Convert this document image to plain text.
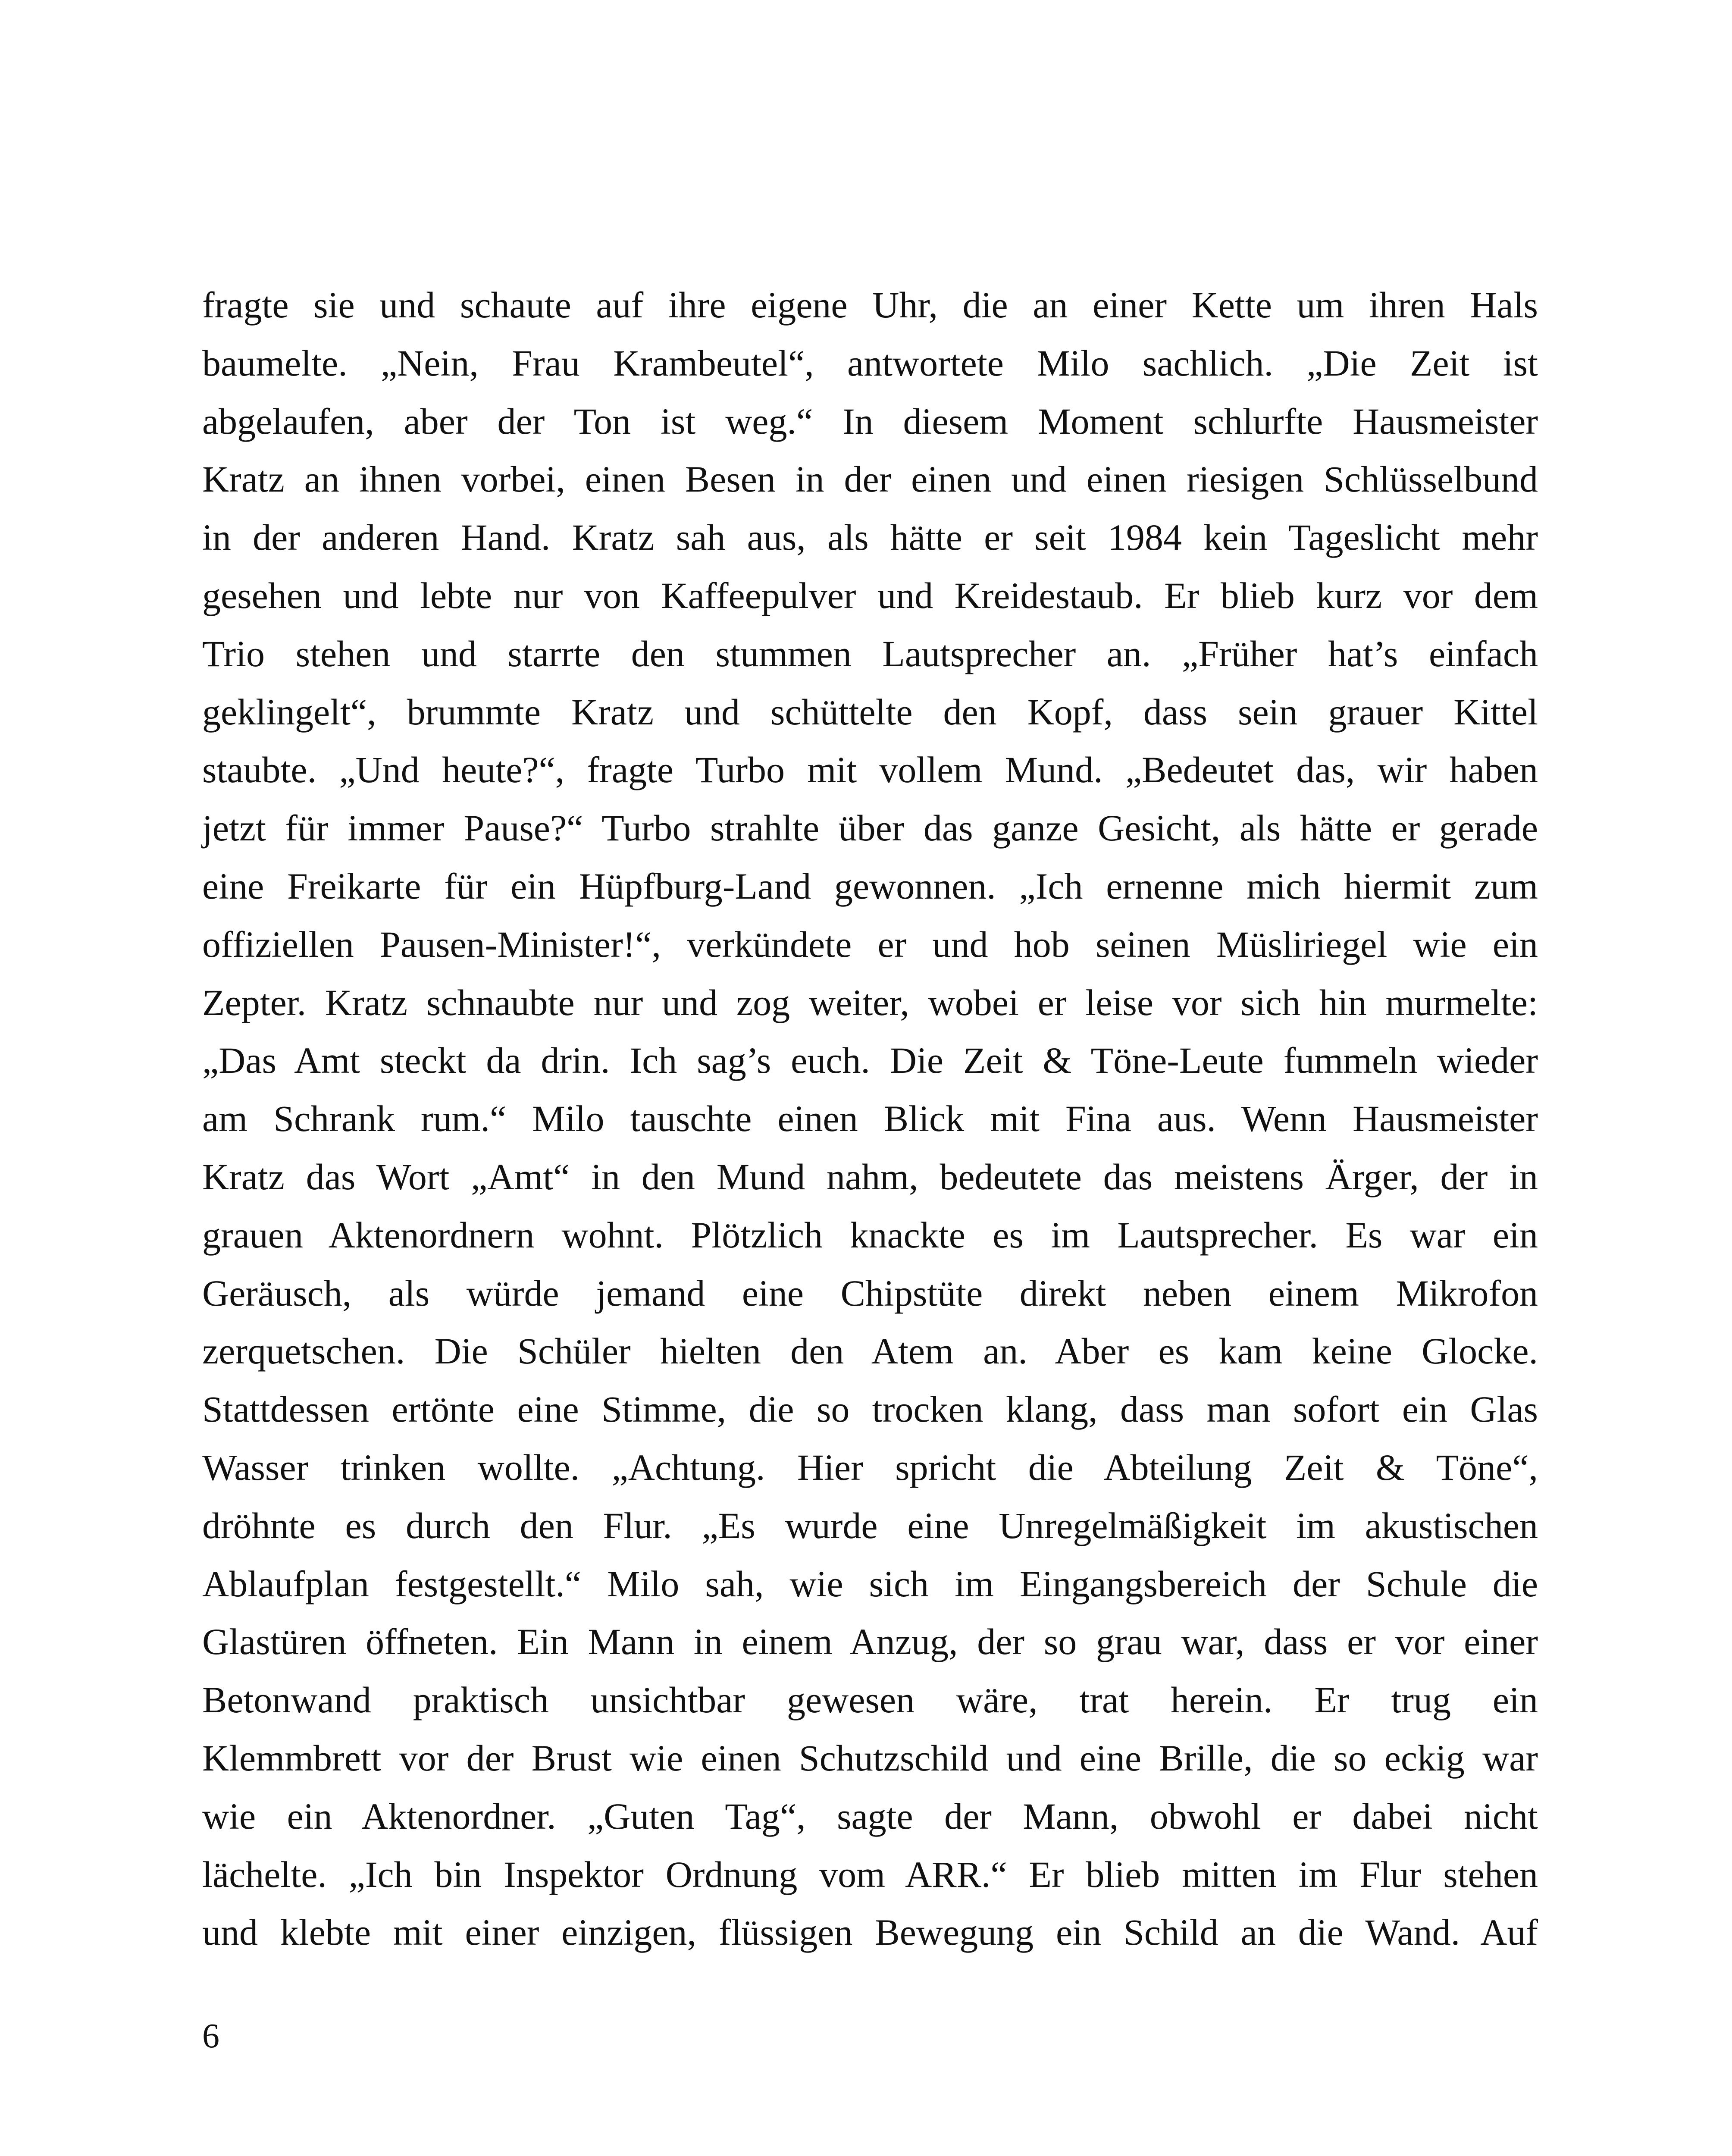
fragte sie und schaute auf ihre eigene Uhr, die an einer Kette um ihren Hals
baumelte. „Nein, Frau Krambeutel“, antwortete Milo sachlich. „Die Zeit ist
abgelaufen, aber der Ton ist weg.“ In diesem Moment schlurfte Hausmeister
Kratz an ihnen vorbei, einen Besen in der einen und einen riesigen Schlüsselbund
in der anderen Hand. Kratz sah aus, als hätte er seit 1984 kein Tageslicht mehr
gesehen und lebte nur von Kaffeepulver und Kreidestaub. Er blieb kurz vor dem
Trio stehen und starrte den stummen Lautsprecher an. „Früher hat’s einfach
geklingelt“, brummte Kratz und schüttelte den Kopf, dass sein grauer Kittel
staubte. „Und heute?“, fragte Turbo mit vollem Mund. „Bedeutet das, wir haben
jetzt für immer Pause?“ Turbo strahlte über das ganze Gesicht, als hätte er gerade
eine Freikarte für ein Hüpfburg-Land gewonnen. „Ich ernenne mich hiermit zum
offiziellen Pausen-Minister!“, verkündete er und hob seinen Müsliriegel wie ein
Zepter. Kratz schnaubte nur und zog weiter, wobei er leise vor sich hin murmelte:
„Das Amt steckt da drin. Ich sag’s euch. Die Zeit & Töne-Leute fummeln wieder
am Schrank rum.“ Milo tauschte einen Blick mit Fina aus. Wenn Hausmeister
Kratz das Wort „Amt“ in den Mund nahm, bedeutete das meistens Ärger, der in
grauen Aktenordnern wohnt. Plötzlich knackte es im Lautsprecher. Es war ein
Geräusch, als würde jemand eine Chipstüte direkt neben einem Mikrofon
zerquetschen. Die Schüler hielten den Atem an. Aber es kam keine Glocke.
Stattdessen ertönte eine Stimme, die so trocken klang, dass man sofort ein Glas
Wasser trinken wollte. „Achtung. Hier spricht die Abteilung Zeit & Töne“,
dröhnte es durch den Flur. „Es wurde eine Unregelmäßigkeit im akustischen
Ablaufplan festgestellt.“ Milo sah, wie sich im Eingangsbereich der Schule die
Glastüren öffneten. Ein Mann in einem Anzug, der so grau war, dass er vor einer
Betonwand praktisch unsichtbar gewesen wäre, trat herein. Er trug ein
Klemmbrett vor der Brust wie einen Schutzschild und eine Brille, die so eckig war
wie ein Aktenordner. „Guten Tag“, sagte der Mann, obwohl er dabei nicht
lächelte. „Ich bin Inspektor Ordnung vom ARR.“ Er blieb mitten im Flur stehen
und klebte mit einer einzigen, flüssigen Bewegung ein Schild an die Wand. Auf
6
